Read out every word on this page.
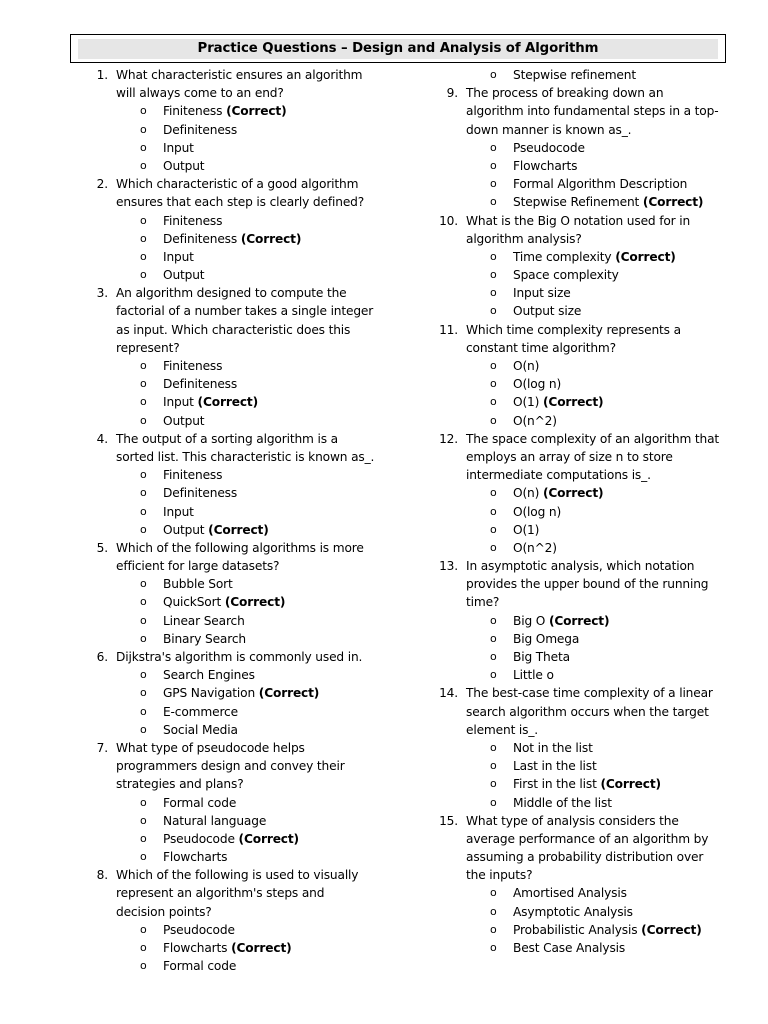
Practice Questions – Design and Analysis of Algorithm
1. What characteristic ensures an algorithm
will always come to an end?
o Finiteness (Correct)
o Definiteness
o Input
o Output
2. Which characteristic of a good algorithm
ensures that each step is clearly defined?
o Finiteness
o Definiteness (Correct)
o Input
o Output
3. An algorithm designed to compute the
factorial of a number takes a single integer
as input. Which characteristic does this
represent?
o Finiteness
o Definiteness
o Input (Correct)
o Output
4. The output of a sorting algorithm is a
sorted list. This characteristic is known as_.
o Finiteness
o Definiteness
o Input
o Output (Correct)
5. Which of the following algorithms is more
efficient for large datasets?
o Bubble Sort
o QuickSort (Correct)
o Linear Search
o Binary Search
6. Dijkstra's algorithm is commonly used in.
o Search Engines
o GPS Navigation (Correct)
o E-commerce
o Social Media
7. What type of pseudocode helps
programmers design and convey their
strategies and plans?
o Formal code
o Natural language
o Pseudocode (Correct)
o Flowcharts
8. Which of the following is used to visually
represent an algorithm's steps and
decision points?
o Pseudocode
o Flowcharts (Correct)
o Formal code
o Stepwise refinement
9. The process of breaking down an
algorithm into fundamental steps in a top-
down manner is known as_.
o Pseudocode
o Flowcharts
o Formal Algorithm Description
o Stepwise Refinement (Correct)
10. What is the Big O notation used for in
algorithm analysis?
o Time complexity (Correct)
o Space complexity
o Input size
o Output size
11. Which time complexity represents a
constant time algorithm?
o O(n)
o O(log n)
o O(1) (Correct)
o O(n^2)
12. The space complexity of an algorithm that
employs an array of size n to store
intermediate computations is_.
o O(n) (Correct)
o O(log n)
o O(1)
o O(n^2)
13. In asymptotic analysis, which notation
provides the upper bound of the running
time?
o Big O (Correct)
o Big Omega
o Big Theta
o Little o
14. The best-case time complexity of a linear
search algorithm occurs when the target
element is_.
o Not in the list
o Last in the list
o First in the list (Correct)
o Middle of the list
15. What type of analysis considers the
average performance of an algorithm by
assuming a probability distribution over
the inputs?
o Amortised Analysis
o Asymptotic Analysis
o Probabilistic Analysis (Correct)
o Best Case Analysis
